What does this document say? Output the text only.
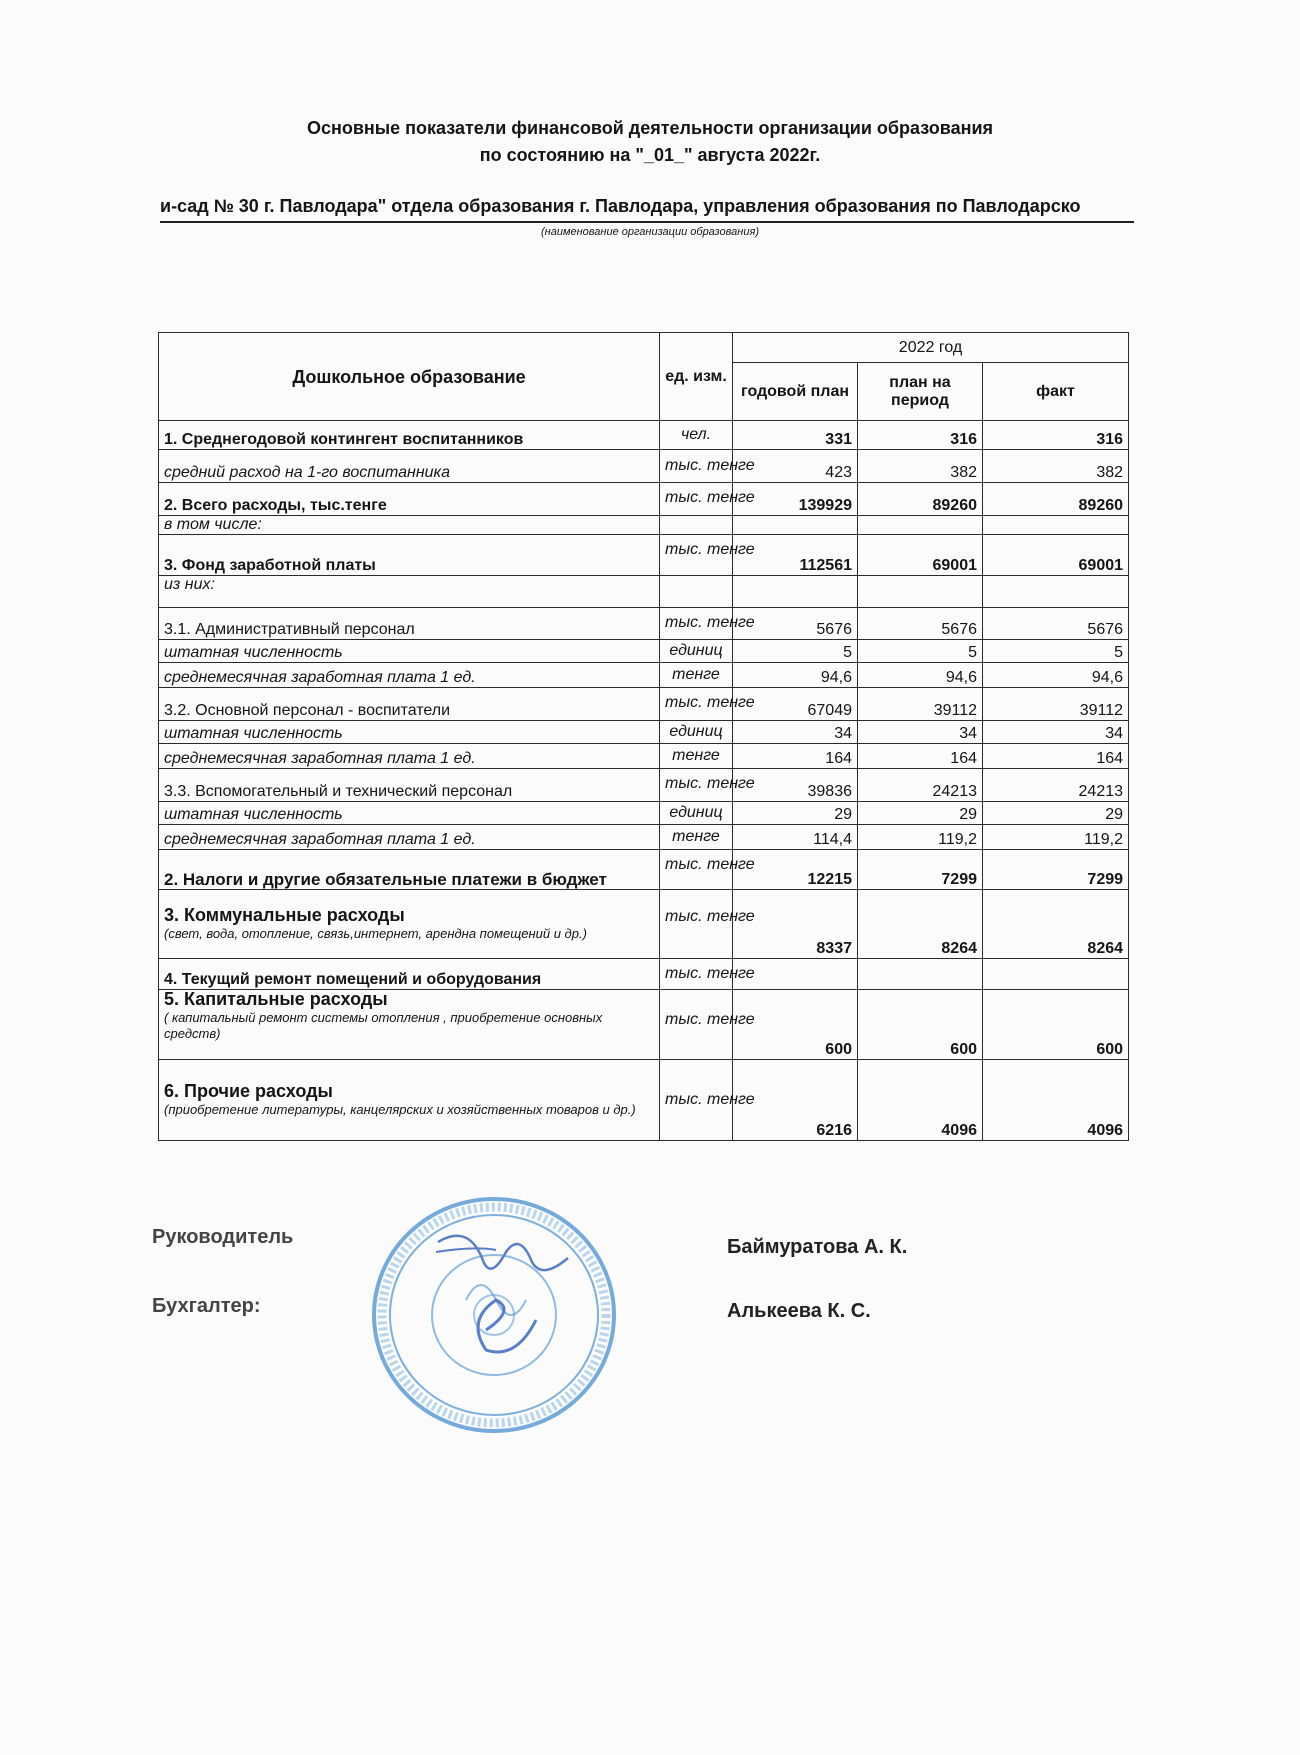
Основные показатели финансовой деятельности организации образования
по состоянию на "_01_" августа 2022г.
и-сад № 30 г. Павлодара" отдела образования г. Павлодара, управления образования по Павлодарско
(наименование организации образования)
Дошкольное образование	ед. изм.	2022 год		
		годовой план	план на период	факт
1. Среднегодовой контингент воспитанников	чел.	331	316	316
средний расход на 1-го воспитанника	тыс. тенге	423	382	382
2. Всего расходы, тыс.тенге	тыс. тенге	139929	89260	89260
в том числе:				
3. Фонд заработной платы	тыс. тенге	112561	69001	69001
из них:				
3.1. Административный персонал	тыс. тенге	5676	5676	5676
штатная численность	единиц	5	5	5
среднемесячная заработная плата 1 ед.	тенге	94,6	94,6	94,6
3.2. Основной персонал - воспитатели	тыс. тенге	67049	39112	39112
штатная численность	единиц	34	34	34
среднемесячная заработная плата 1 ед.	тенге	164	164	164
3.3. Вспомогательный и технический персонал	тыс. тенге	39836	24213	24213
штатная численность	единиц	29	29	29
среднемесячная заработная плата 1 ед.	тенге	114,4	119,2	119,2
2. Налоги и другие обязательные платежи в бюджет	тыс. тенге	12215	7299	7299
3. Коммунальные расходы
(свет, вода, отопление, связь,интернет, арендна помещений и др.)	тыс. тенге	8337	8264	8264
4. Текущий ремонт помещений и оборудования	тыс. тенге			
5. Капитальные расходы
( капитальный ремонт системы отопления , приобретение основных средств)	тыс. тенге	600	600	600
6. Прочие расходы
(приобретение литературы, канцелярских и хозяйственных товаров и др.)	тыс. тенге	6216	4096	4096
Руководитель	Баймуратова А. К.
Бухгалтер:	Алькеева К. С.
